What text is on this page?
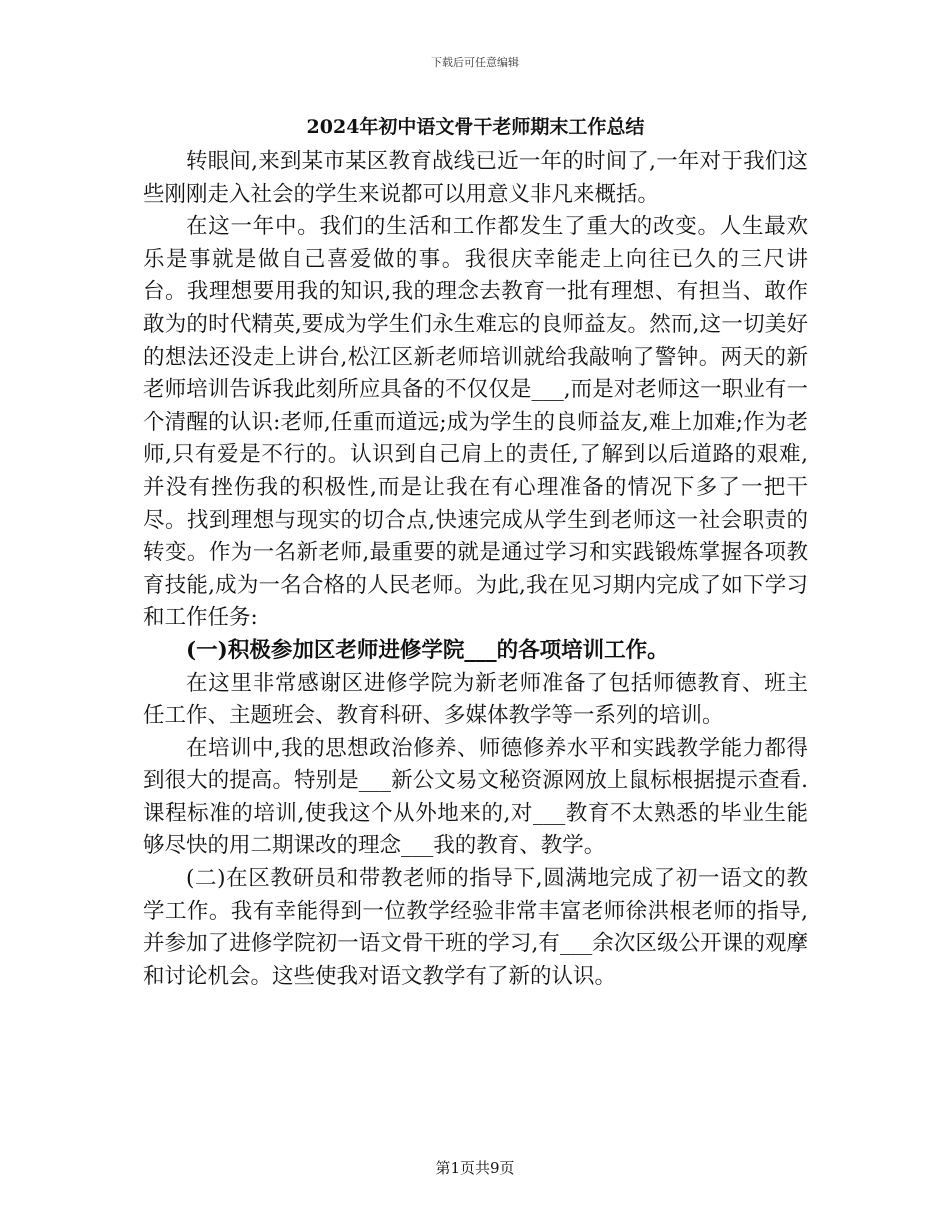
下载后可任意编辑
2024年初中语文骨干老师期末工作总结

转眼间,来到某市某区教育战线已近一年的时间了,一年对于我们这些刚刚走入社会的学生来说都可以用意义非凡来概括。

在这一年中。我们的生活和工作都发生了重大的改变。人生最欢乐是事就是做自己喜爱做的事。我很庆幸能走上向往已久的三尺讲台。我理想要用我的知识,我的理念去教育一批有理想、有担当、敢作敢为的时代精英,要成为学生们永生难忘的良师益友。然而,这一切美好的想法还没走上讲台,松江区新老师培训就给我敲响了警钟。两天的新老师培训告诉我此刻所应具备的不仅仅是___,而是对老师这一职业有一个清醒的认识:老师,任重而道远;成为学生的良师益友,难上加难;作为老师,只有爱是不行的。认识到自己肩上的责任,了解到以后道路的艰难,并没有挫伤我的积极性,而是让我在有心理准备的情况下多了一把干尽。找到理想与现实的切合点,快速完成从学生到老师这一社会职责的转变。作为一名新老师,最重要的就是通过学习和实践锻炼掌握各项教育技能,成为一名合格的人民老师。为此,我在见习期内完成了如下学习和工作任务:

(一)积极参加区老师进修学院___的各项培训工作。

在这里非常感谢区进修学院为新老师准备了包括师德教育、班主任工作、主题班会、教育科研、多媒体教学等一系列的培训。

在培训中,我的思想政治修养、师德修养水平和实践教学能力都得到很大的提高。特别是___新公文易文秘资源网放上鼠标根据提示查看.课程标准的培训,使我这个从外地来的,对___教育不太熟悉的毕业生能够尽快的用二期课改的理念___我的教育、教学。

(二)在区教研员和带教老师的指导下,圆满地完成了初一语文的教学工作。我有幸能得到一位教学经验非常丰富老师徐洪根老师的指导,并参加了进修学院初一语文骨干班的学习,有___余次区级公开课的观摩和讨论机会。这些使我对语文教学有了新的认识。

第1页共9页
